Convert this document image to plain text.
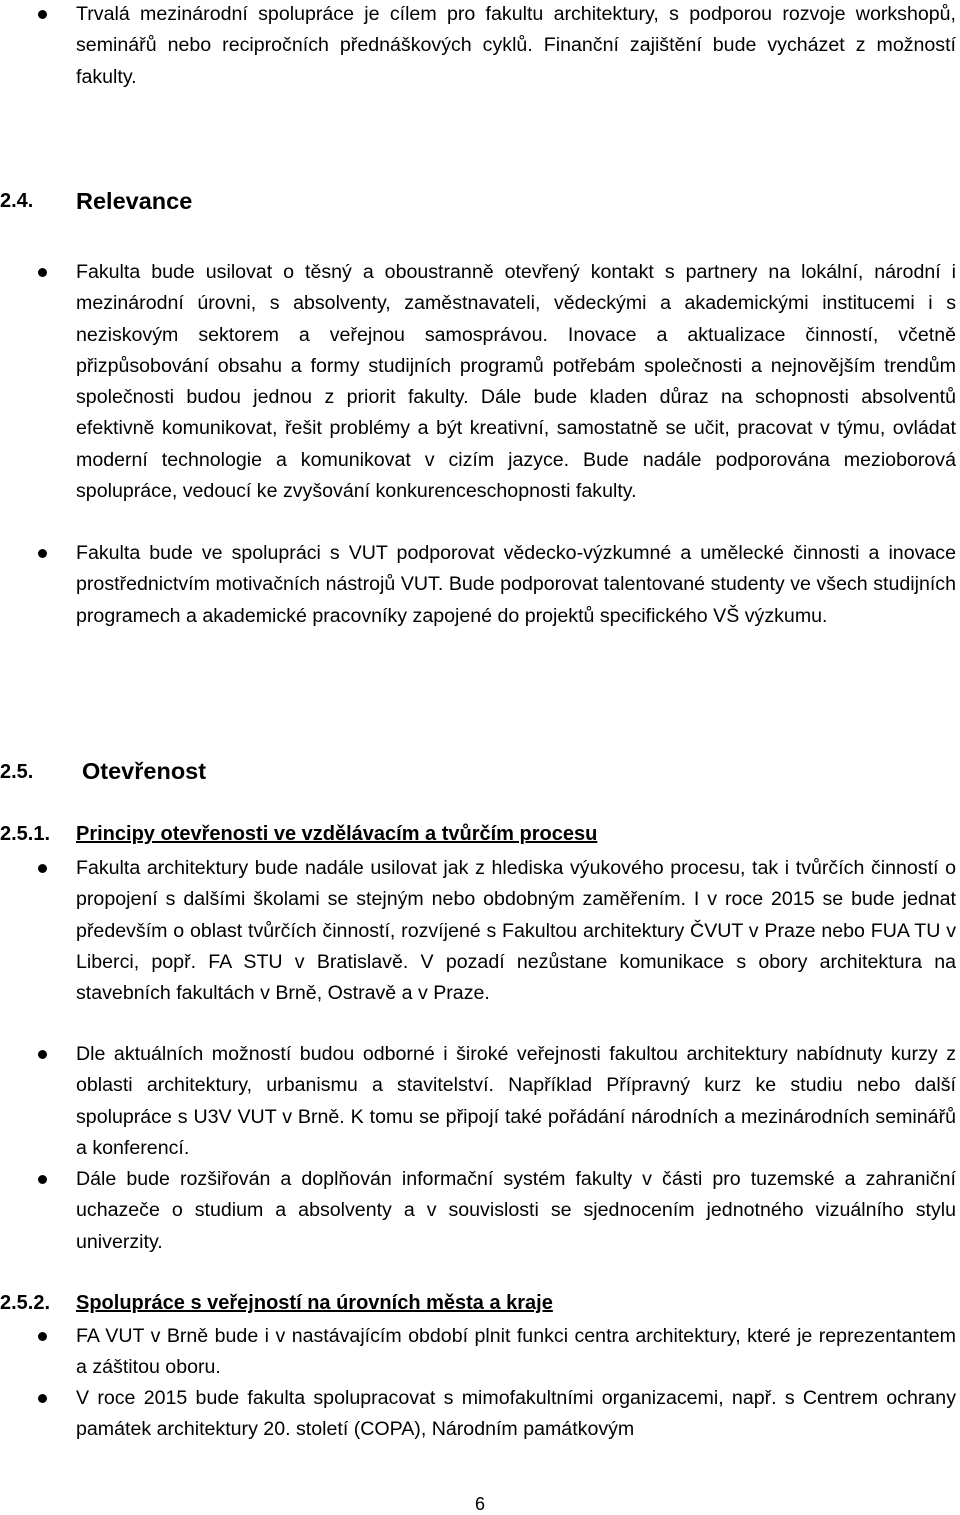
Trvalá mezinárodní spolupráce je cílem pro fakultu architektury, s podporou rozvoje workshopů, seminářů nebo recipročních přednáškových cyklů. Finanční zajištění bude vycházet z možností fakulty.
2.4. Relevance
Fakulta bude usilovat o těsný a oboustranně otevřený kontakt s partnery na lokální, národní i mezinárodní úrovni, s absolventy, zaměstnavateli, vědeckými a akademickými institucemi i s neziskovým sektorem a veřejnou samosprávou. Inovace a aktualizace činností, včetně přizpůsobování obsahu a formy studijních programů potřebám společnosti a nejnovějším trendům společnosti budou jednou z priorit fakulty. Dále bude kladen důraz na schopnosti absolventů efektivně komunikovat, řešit problémy a být kreativní, samostatně se učit, pracovat v týmu, ovládat moderní technologie a komunikovat v cizím jazyce. Bude nadále podporována mezioborová spolupráce, vedoucí ke zvyšování konkurenceschopnosti fakulty.
Fakulta bude ve spolupráci s VUT podporovat vědecko-výzkumné a umělecké činnosti a inovace prostřednictvím motivačních nástrojů VUT. Bude podporovat talentované studenty ve všech studijních programech a akademické pracovníky zapojené do projektů specifického VŠ výzkumu.
2.5. Otevřenost
2.5.1. Principy otevřenosti ve vzdělávacím a tvůrčím procesu
Fakulta architektury bude nadále usilovat jak z hlediska výukového procesu, tak i tvůrčích činností o propojení s dalšími školami se stejným nebo obdobným zaměřením. I v roce 2015 se bude jednat především o oblast tvůrčích činností, rozvíjené s Fakultou architektury ČVUT v Praze nebo FUA TU v Liberci, popř. FA STU v Bratislavě. V pozadí nezůstane komunikace s obory architektura na stavebních fakultách v Brně, Ostravě a v Praze.
Dle aktuálních možností budou odborné i široké veřejnosti fakultou architektury nabídnuty kurzy z oblasti architektury, urbanismu a stavitelství. Například Přípravný kurz ke studiu nebo další spolupráce s U3V VUT v Brně. K tomu se připojí také pořádání národních a mezinárodních seminářů a konferencí.
Dále bude rozšiřován a doplňován informační systém fakulty v části pro tuzemské a zahraniční uchazeče o studium a absolventy a v souvislosti se sjednocením jednotného vizuálního stylu univerzity.
2.5.2. Spolupráce s veřejností na úrovních města a kraje
FA VUT v Brně bude i v nastávajícím období plnit funkci centra architektury, které je reprezentantem a záštitou oboru.
V roce 2015 bude fakulta spolupracovat s mimofakultními organizacemi, např. s Centrem ochrany památek architektury 20. století (COPA), Národním památkovým
6
